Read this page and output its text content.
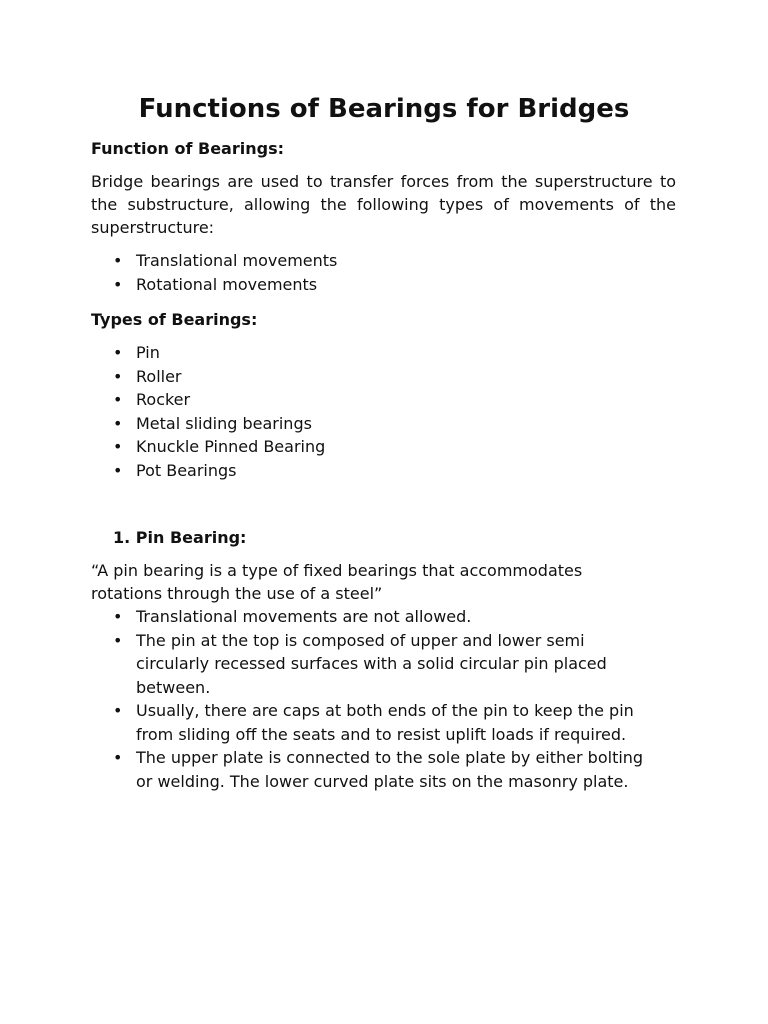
Functions of Bearings for Bridges
Function of Bearings:

Bridge bearings are used to transfer forces from the superstructure to the substructure, allowing the following types of movements of the superstructure:

• Translational movements
• Rotational movements
Types of Bearings:
• Pin
• Roller
• Rocker
• Metal sliding bearings
• Knuckle Pinned Bearing
• Pot Bearings
1. Pin Bearing:

“A pin bearing is a type of fixed bearings that accommodates rotations through the use of a steel”

• Translational movements are not allowed.
• The pin at the top is composed of upper and lower semi circularly recessed surfaces with a solid circular pin placed between.
• Usually, there are caps at both ends of the pin to keep the pin from sliding off the seats and to resist uplift loads if required.
• The upper plate is connected to the sole plate by either bolting or welding. The lower curved plate sits on the masonry plate.
